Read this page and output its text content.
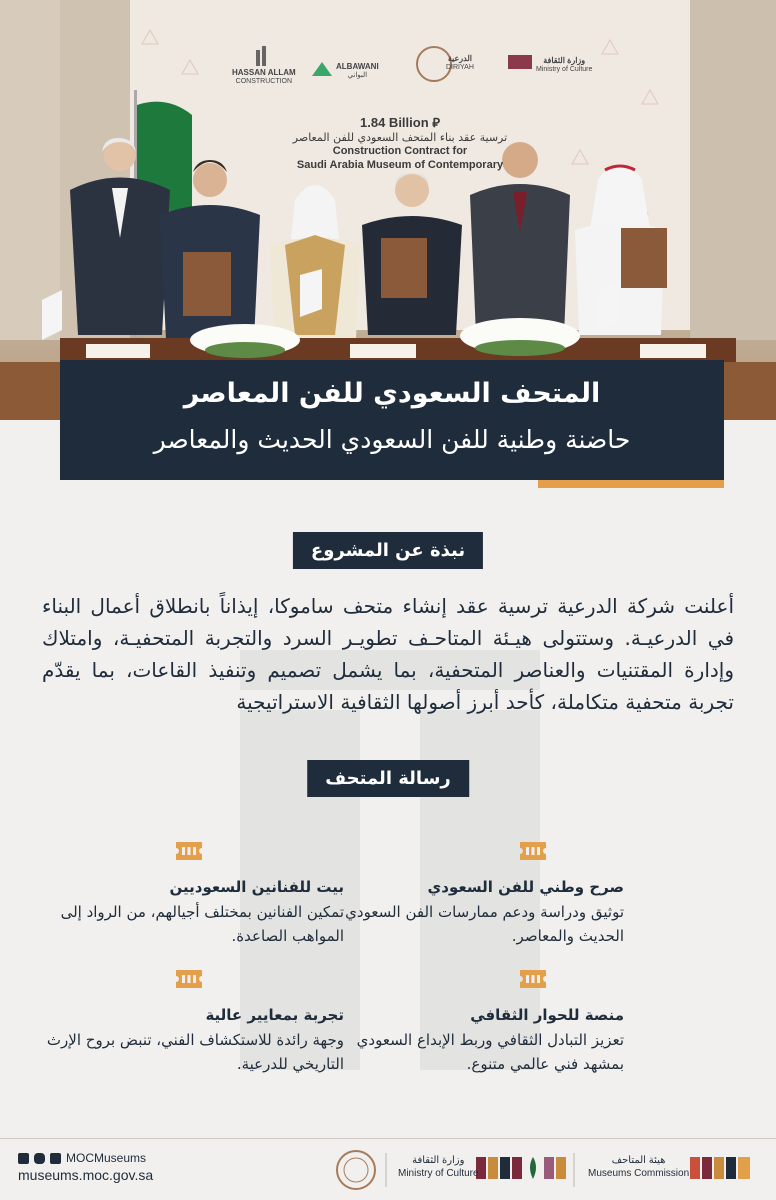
HASSAN ALLAM
CONSTRUCTION
ALBAWANI
البواني
الدرعية
DIRIYAH
وزارة الثقافة
Ministry of Culture
1.84 Billion ⃁
ترسية عقد بناء المتحف السعودي للفن المعاصر
Construction Contract for
Saudi Arabia Museum of Contemporary
المتحف السعودي للفن المعاصر
حاضنة وطنية للفن السعودي الحديث والمعاصر
نبذة عن المشروع
أعلنت شركة الدرعية ترسية عقد إنشاء متحف ساموكا، إيذاناً بانطلاق أعمال البناء في الدرعيـة. وستتولى هيـئة المتاحـف تطويـر السرد والتجربة المتحفيـة، وامتلاك وإدارة المقتنيات والعناصر المتحفية، بما يشمل تصميم وتنفيذ القاعات، بما يقدّم تجربة متحفية متكاملة، كأحد أبرز أصولها الثقافية الاستراتيجية
رسالة المتحف
صرح وطني للفن السعودي

توثيق ودراسة ودعم ممارسات الفن السعودي الحديث والمعاصر.

بيت للفنانين السعوديين

تمكين الفنانين بمختلف أجيالهم، من الرواد إلى المواهب الصاعدة.

منصة للحوار الثقافي

تعزيز التبادل الثقافي وربط الإبداع السعودي بمشهد فني عالمي متنوع.

تجربة بمعايير عالية

وجهة رائدة للاستكشاف الفني، تنبض بروح الإرث التاريخي للدرعية.

MOCMuseums
museums.moc.gov.sa
وزارة الثقافة
Ministry of Culture
هيئة المتاحف
Museums Commission
